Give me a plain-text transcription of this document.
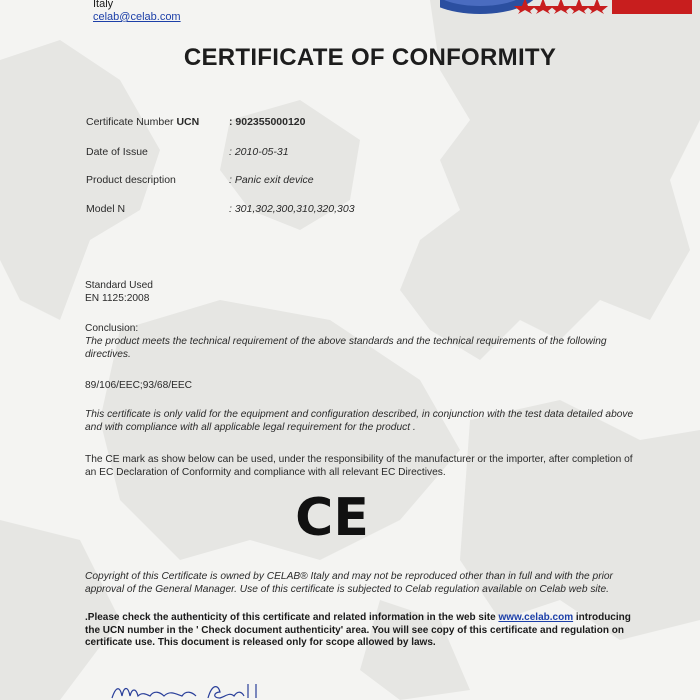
Italy
celab@celab.com
CERTIFICATE OF CONFORMITY
Certificate Number UCN	: 902355000120
Date of Issue	: 2010-05-31
Product description	: Panic exit device
Model N	: 301,302,300,310,320,303
Standard Used
EN 1125:2008
Conclusion:
The product meets the technical requirement of the above standards and the technical requirements of the following directives.
89/106/EEC;93/68/EEC
This certificate is only valid for the equipment and configuration described, in conjunction with the test data detailed above and with compliance with all applicable legal requirement for the product .
The CE mark as show below can be used, under the responsibility of the manufacturer or the importer, after completion of an EC Declaration of Conformity and compliance with all relevant EC Directives.
CE
Copyright of this Certificate is owned by CELAB® Italy and may not be reproduced other than in full and with the prior approval of the General Manager. Use of this certificate is subjected to Celab regulation available on Celab web site.
.Please check the authenticity of this certificate and related information in the web site www.celab.com introducing the UCN number in the ' Check document authenticity' area. You will see copy of this certificate and regulation on certificate use. This document is released only for scope allowed by laws.
